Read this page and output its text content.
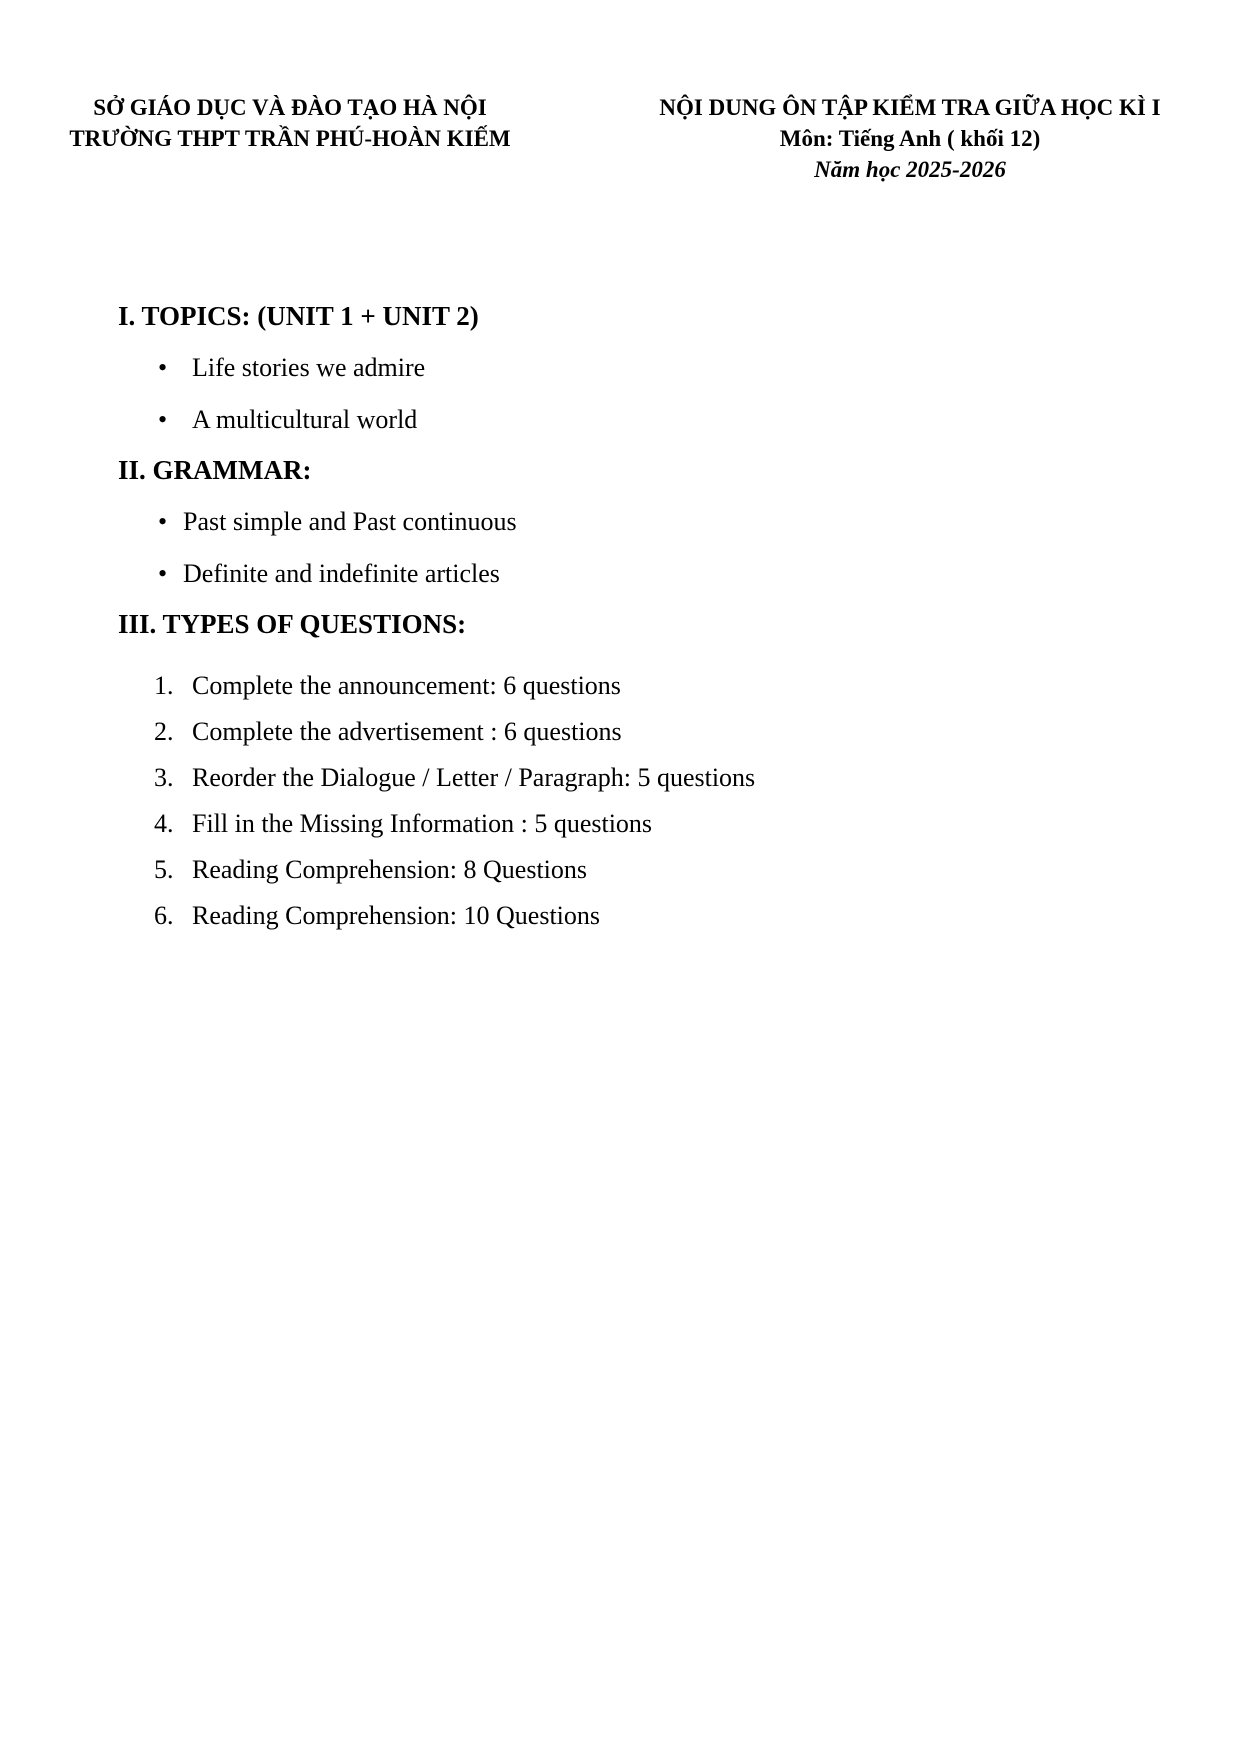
SỞ GIÁO DỤC VÀ ĐÀO TẠO HÀ NỘI
TRƯỜNG THPT TRẦN PHÚ-HOÀN KIẾM
NỘI DUNG ÔN TẬP KIỂM TRA GIỮA HỌC KÌ I
Môn: Tiếng Anh ( khối 12)
Năm học 2025-2026
I. TOPICS: (UNIT 1 + UNIT 2)
• Life stories we admire
• A multicultural world
II. GRAMMAR:
• Past simple and Past continuous
• Definite and indefinite articles
III. TYPES OF QUESTIONS:
1. Complete the announcement: 6 questions
2. Complete the advertisement : 6 questions
3. Reorder the Dialogue / Letter / Paragraph: 5 questions
4. Fill in the Missing Information : 5 questions
5. Reading Comprehension: 8 Questions
6. Reading Comprehension: 10 Questions
